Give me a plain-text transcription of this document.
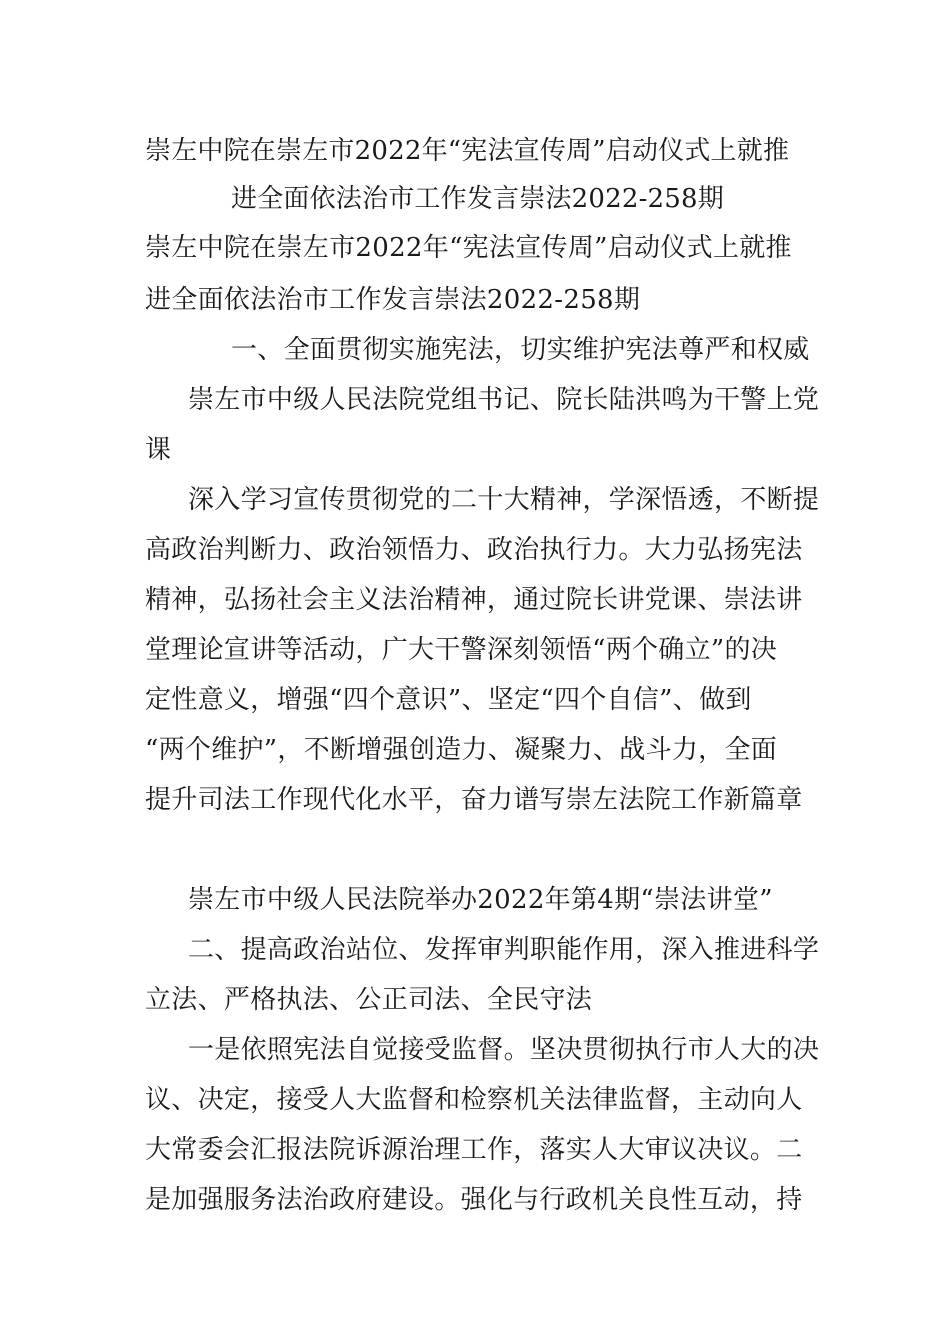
崇左中院在崇左市2022年“宪法宣传周”启动仪式上就推
进全面依法治市工作发言崇法2022-258期
崇左中院在崇左市2022年“宪法宣传周”启动仪式上就推
进全面依法治市工作发言崇法2022-258期
一、全面贯彻实施宪法，切实维护宪法尊严和权威
崇左市中级人民法院党组书记、院长陆洪鸣为干警上党
课
深入学习宣传贯彻党的二十大精神，学深悟透，不断提
高政治判断力、政治领悟力、政治执行力。大力弘扬宪法
精神，弘扬社会主义法治精神，通过院长讲党课、崇法讲
堂理论宣讲等活动，广大干警深刻领悟“两个确立”的决
定性意义，增强“四个意识”、坚定“四个自信”、做到
“两个维护”，不断增强创造力、凝聚力、战斗力，全面
提升司法工作现代化水平，奋力谱写崇左法院工作新篇章
崇左市中级人民法院举办2022年第4期“崇法讲堂”
二、提高政治站位、发挥审判职能作用，深入推进科学
立法、严格执法、公正司法、全民守法
一是依照宪法自觉接受监督。坚决贯彻执行市人大的决
议、决定，接受人大监督和检察机关法律监督，主动向人
大常委会汇报法院诉源治理工作，落实人大审议决议。二
是加强服务法治政府建设。强化与行政机关良性互动，持
